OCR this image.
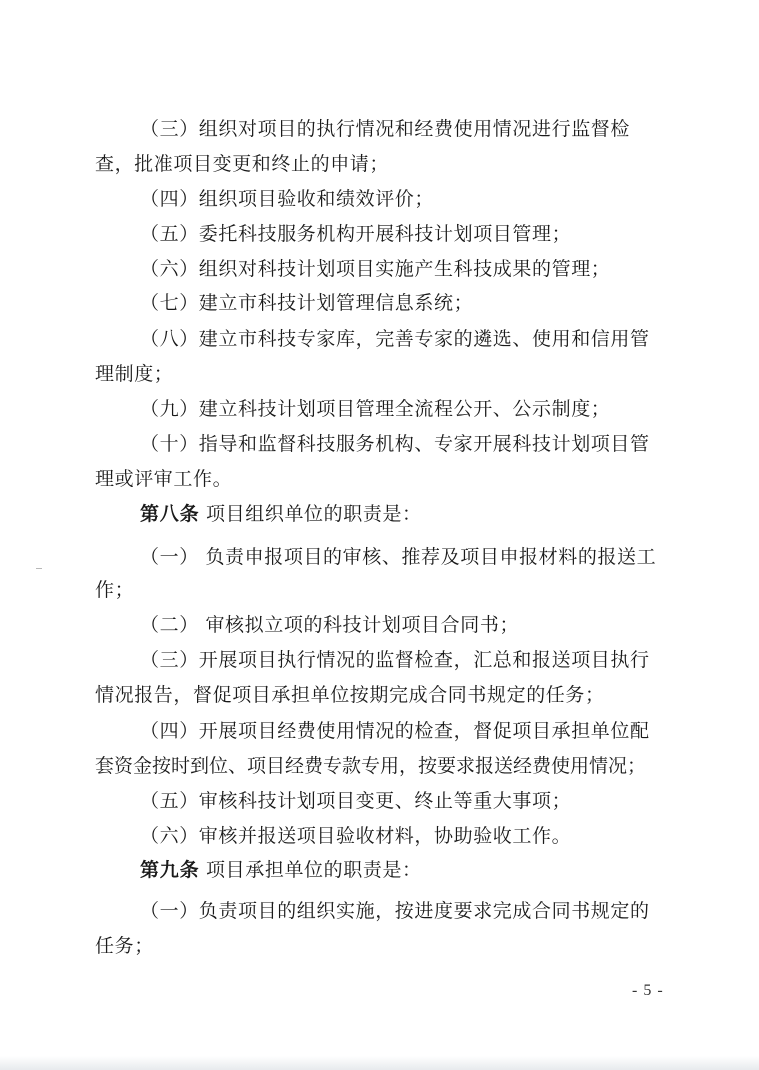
（三）组织对项目的执行情况和经费使用情况进行监督检
查，批准项目变更和终止的申请；
（四）组织项目验收和绩效评价；
（五）委托科技服务机构开展科技计划项目管理；
（六）组织对科技计划项目实施产生科技成果的管理；
（七）建立市科技计划管理信息系统；
（八）建立市科技专家库，完善专家的遴选、使用和信用管
理制度；
（九）建立科技计划项目管理全流程公开、公示制度；
（十）指导和监督科技服务机构、专家开展科技计划项目管
理或评审工作。
第八条 项目组织单位的职责是：
（一） 负责申报项目的审核、推荐及项目申报材料的报送工
作；
（二） 审核拟立项的科技计划项目合同书；
（三）开展项目执行情况的监督检查，汇总和报送项目执行
情况报告，督促项目承担单位按期完成合同书规定的任务；
（四）开展项目经费使用情况的检查，督促项目承担单位配
套资金按时到位、项目经费专款专用，按要求报送经费使用情况；
（五）审核科技计划项目变更、终止等重大事项；
（六）审核并报送项目验收材料，协助验收工作。
第九条 项目承担单位的职责是：
（一）负责项目的组织实施，按进度要求完成合同书规定的
任务；
- 5 -
